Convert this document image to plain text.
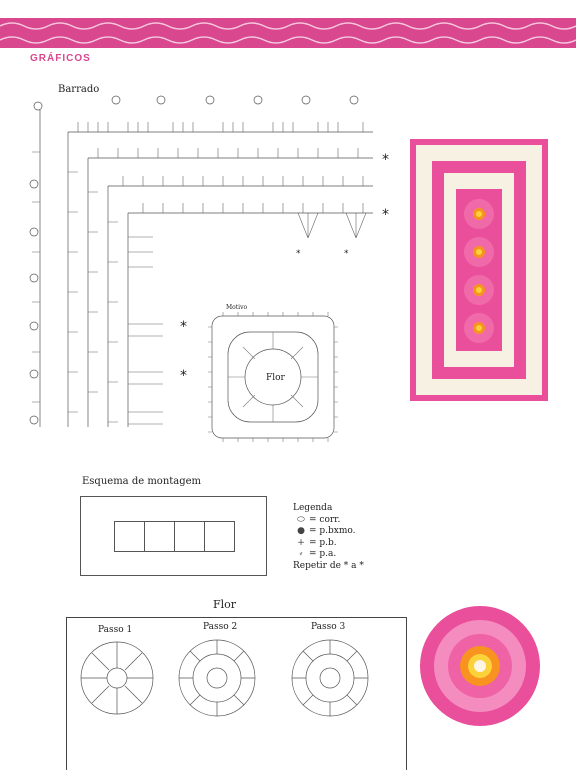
GRÁFICOS
Barrado
*
*
*
*
*	*
Motivo
Flor
Esquema de montagem
Legenda
⬭ = corr.
● = p.bxmo.
+ = p.b.
⸗ = p.a.
Repetir de * a *
Flor
Passo 1	Passo 2	Passo 3
